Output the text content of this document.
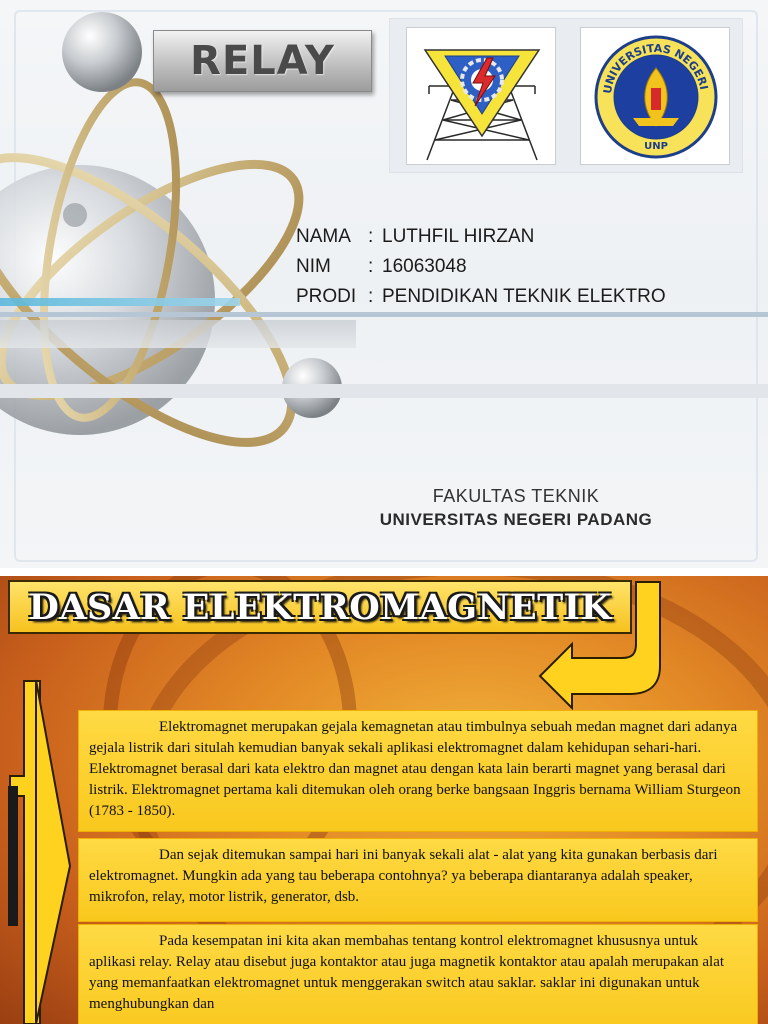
RELAY
UNIVERSITAS NEGERI
UNP
NAMA : LUTHFIL HIRZAN
NIM	: 16063048
PRODI : PENDIDIKAN TEKNIK ELEKTRO
FAKULTAS TEKNIK
UNIVERSITAS NEGERI PADANG
DASAR ELEKTROMAGNETIK
Elektromagnet merupakan gejala kemagnetan atau timbulnya sebuah medan magnet dari adanya gejala listrik dari situlah kemudian banyak sekali aplikasi elektromagnet dalam kehidupan sehari-hari. Elektromagnet berasal dari kata elektro dan magnet atau dengan kata lain berarti magnet yang berasal dari listrik. Elektromagnet pertama kali ditemukan oleh orang berke bangsaan Inggris bernama William Sturgeon (1783 - 1850).
Dan sejak ditemukan sampai hari ini banyak sekali alat - alat yang kita gunakan berbasis dari elektromagnet. Mungkin ada yang tau beberapa contohnya? ya beberapa diantaranya adalah speaker, mikrofon, relay, motor listrik, generator, dsb.
Pada kesempatan ini kita akan membahas tentang kontrol elektromagnet khususnya untuk aplikasi relay. Relay atau disebut juga kontaktor atau juga magnetik kontaktor atau apalah merupakan alat yang memanfaatkan elektromagnet untuk menggerakan switch atau saklar. saklar ini digunakan untuk menghubungkan dan
